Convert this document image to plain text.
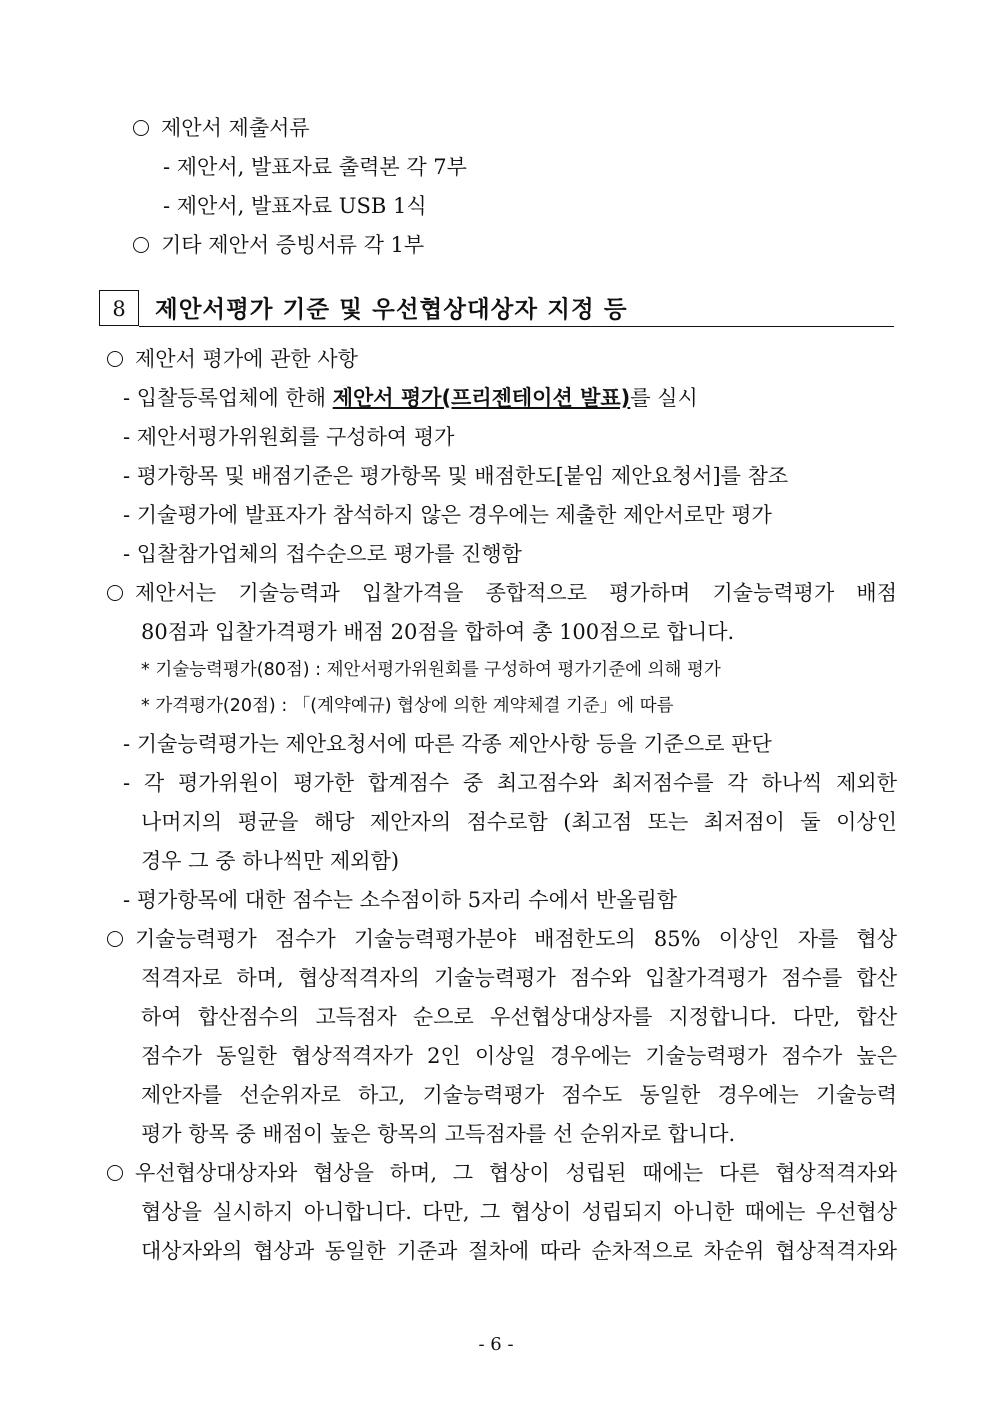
제안서 제출서류
- 제안서, 발표자료 출력본 각 7부
- 제안서, 발표자료 USB 1식
기타 제안서 증빙서류 각 1부
8	제안서평가 기준 및 우선협상대상자 지정 등
제안서 평가에 관한 사항
- 입찰등록업체에 한해 제안서 평가(프리젠테이션 발표)를 실시
- 제안서평가위원회를 구성하여 평가
- 평가항목 및 배점기준은 평가항목 및 배점한도[붙임 제안요청서]를 참조
- 기술평가에 발표자가 참석하지 않은 경우에는 제출한 제안서로만 평가
- 입찰참가업체의 접수순으로 평가를 진행함
제안서는 기술능력과 입찰가격을 종합적으로 평가하며 기술능력평가 배점
80점과 입찰가격평가 배점 20점을 합하여 총 100점으로 합니다.
* 기술능력평가(80점) : 제안서평가위원회를 구성하여 평가기준에 의해 평가
* 가격평가(20점) : 「(계약예규) 협상에 의한 계약체결 기준」에 따름
- 기술능력평가는 제안요청서에 따른 각종 제안사항 등을 기준으로 판단
- 각 평가위원이 평가한 합계점수 중 최고점수와 최저점수를 각 하나씩 제외한
나머지의 평균을 해당 제안자의 점수로함 (최고점 또는 최저점이 둘 이상인
경우 그 중 하나씩만 제외함)
- 평가항목에 대한 점수는 소수점이하 5자리 수에서 반올림함
기술능력평가 점수가 기술능력평가분야 배점한도의 85% 이상인 자를 협상
적격자로 하며, 협상적격자의 기술능력평가 점수와 입찰가격평가 점수를 합산
하여 합산점수의 고득점자 순으로 우선협상대상자를 지정합니다. 다만, 합산
점수가 동일한 협상적격자가 2인 이상일 경우에는 기술능력평가 점수가 높은
제안자를 선순위자로 하고, 기술능력평가 점수도 동일한 경우에는 기술능력
평가 항목 중 배점이 높은 항목의 고득점자를 선 순위자로 합니다.
우선협상대상자와 협상을 하며, 그 협상이 성립된 때에는 다른 협상적격자와
협상을 실시하지 아니합니다. 다만, 그 협상이 성립되지 아니한 때에는 우선협상
대상자와의 협상과 동일한 기준과 절차에 따라 순차적으로 차순위 협상적격자와
- 6 -
